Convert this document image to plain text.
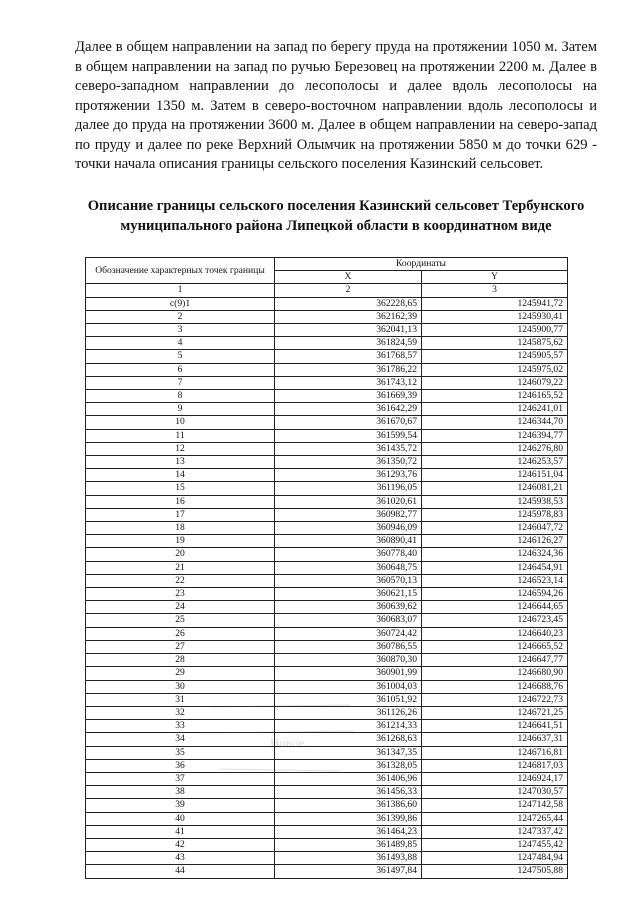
Далее в общем направлении на запад по берегу пруда на протяжении 1050 м. Затем в общем направлении на запад по ручью Березовец на протяжении 2200 м. Далее в северо-западном направлении до лесополосы и далее вдоль лесополосы на протяжении 1350 м. Затем в северо-восточном направлении вдоль лесополосы и далее до пруда на протяжении 3600 м. Далее в общем направлении на северо-запад по пруду и далее по реке Верхний Олымчик на протяжении 5850 м до точки 629 - точки начала описания границы сельского поселения Казинский сельсовет.

Описание границы сельского поселения Казинский сельсовет Тербунского
муниципального района Липецкой области в координатном виде
Обозначение характерных точек границы	Координаты	
	X	Y
1	2	3
с(9)1	362228,65	1245941,72
2	362162,39	1245930,41
3	362041,13	1245900,77
4	361824,59	1245875,62
5	361768,57	1245905,57
6	361786,22	1245975,02
7	361743,12	1246079,22
8	361669,39	1246165,52
9	361642,29	1246241,01
10	361670,67	1246344,70
11	361599,54	1246394,77
12	361435,72	1246276,80
13	361350,72	1246253,57
14	361293,76	1246151,04
15	361196,05	1246081,21
16	361020,61	1245938,53
17	360982,77	1245978,83
18	360946,09	1246047,72
19	360890,41	1246126,27
20	360778,40	1246324,36
21	360648,75	1246454,91
22	360570,13	1246523,14
23	360621,15	1246594,26
24	360639,62	1246644,65
25	360683,07	1246723,45
26	360724,42	1246640,23
27	360786,55	1246665,52
28	360870,30	1246647,77
29	360901,99	1246680,90
30	361004,03	1246688,76
31	361051,92	1246722,73
32	361126,26	1246721,25
33	361214,33	1246641,51
34	361268,63	1246637,31
35	361347,35	1246716,81
36	361328,05	1246817,03
37	361406,96	1246924,17
38	361456,33	1247030,57
39	361386,60	1247142,58
40	361399,86	1247265,44
41	361464,23	1247337,42
42	361489,85	1247455,42
43	361493,88	1247484,94
44	361497,84	1247505,88
Новое...
